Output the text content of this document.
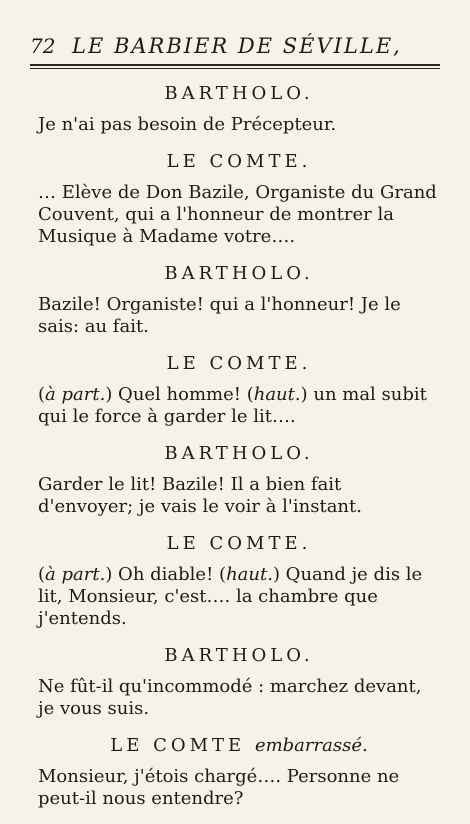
72 LE BARBIER DE SÉVILLE,
BARTHOLO.
Je n'ai pas besoin de Précepteur.
LE COMTE.
… Elève de Don Bazile, Organiste du Grand Couvent, qui a l'honneur de montrer la Musique à Madame votre….
BARTHOLO.
Bazile! Organiste! qui a l'honneur! Je le sais: au fait.
LE COMTE.
(à part.) Quel homme! (haut.) un mal subit qui le force à garder le lit….
BARTHOLO.
Garder le lit! Bazile! Il a bien fait d'envoyer; je vais le voir à l'instant.
LE COMTE.
(à part.) Oh diable! (haut.) Quand je dis le lit, Monsieur, c'est…. la chambre que j'entends.
BARTHOLO.
Ne fût-il qu'incommodé : marchez devant, je vous suis.
LE COMTE embarrassé.
Monsieur, j'étois chargé…. Personne ne peut-il nous entendre?
